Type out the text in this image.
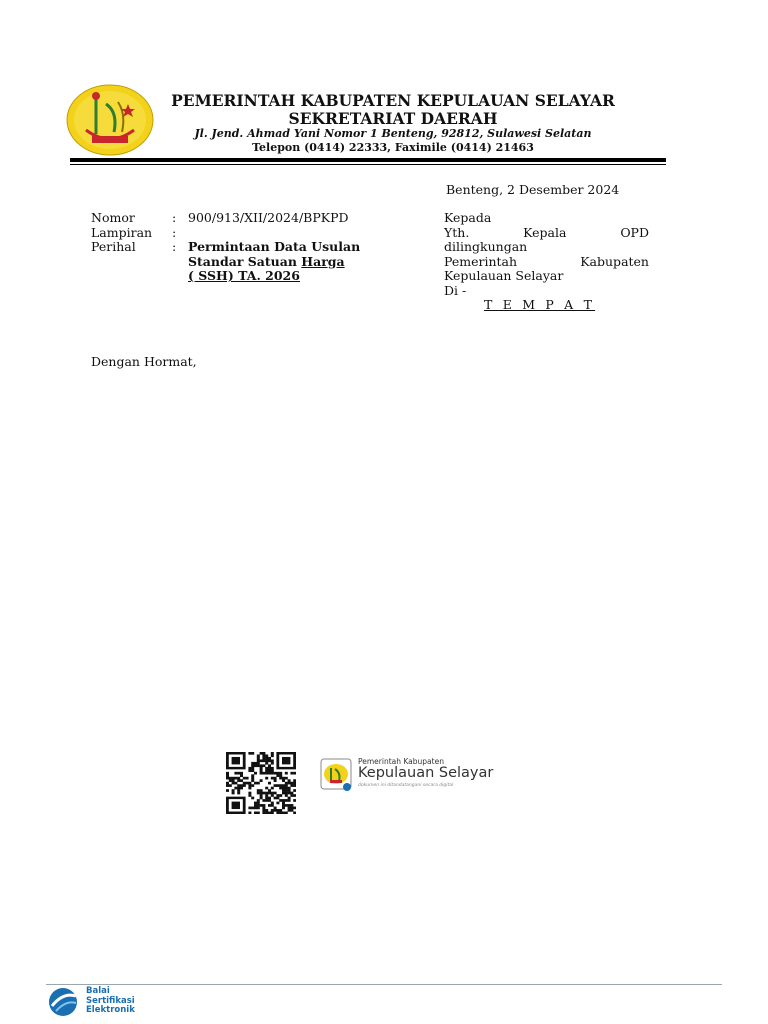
PEMERINTAH KABUPATEN KEPULAUAN SELAYAR
SEKRETARIAT DAERAH
Jl. Jend. Ahmad Yani Nomor 1 Benteng, 92812, Sulawesi Selatan
Telepon (0414) 22333, Faximile (0414) 21463
Benteng, 2 Desember 2024
Nomor	: 900/913/XII/2024/BPKPD
Lampiran :
Perihal	: Permintaan Data Usulan
Standar Satuan Harga
( SSH) TA. 2026
Kepada
Yth.	Kepala	OPD
dilingkungan
Pemerintah	Kabupaten
Kepulauan Selayar
Di -
T E M P A T
Dengan Hormat,
Pemerintah Kabupaten
Kepulauan Selayar
dokumen ini ditandatangani secara digital
Balai
Sertifikasi
Elektronik
